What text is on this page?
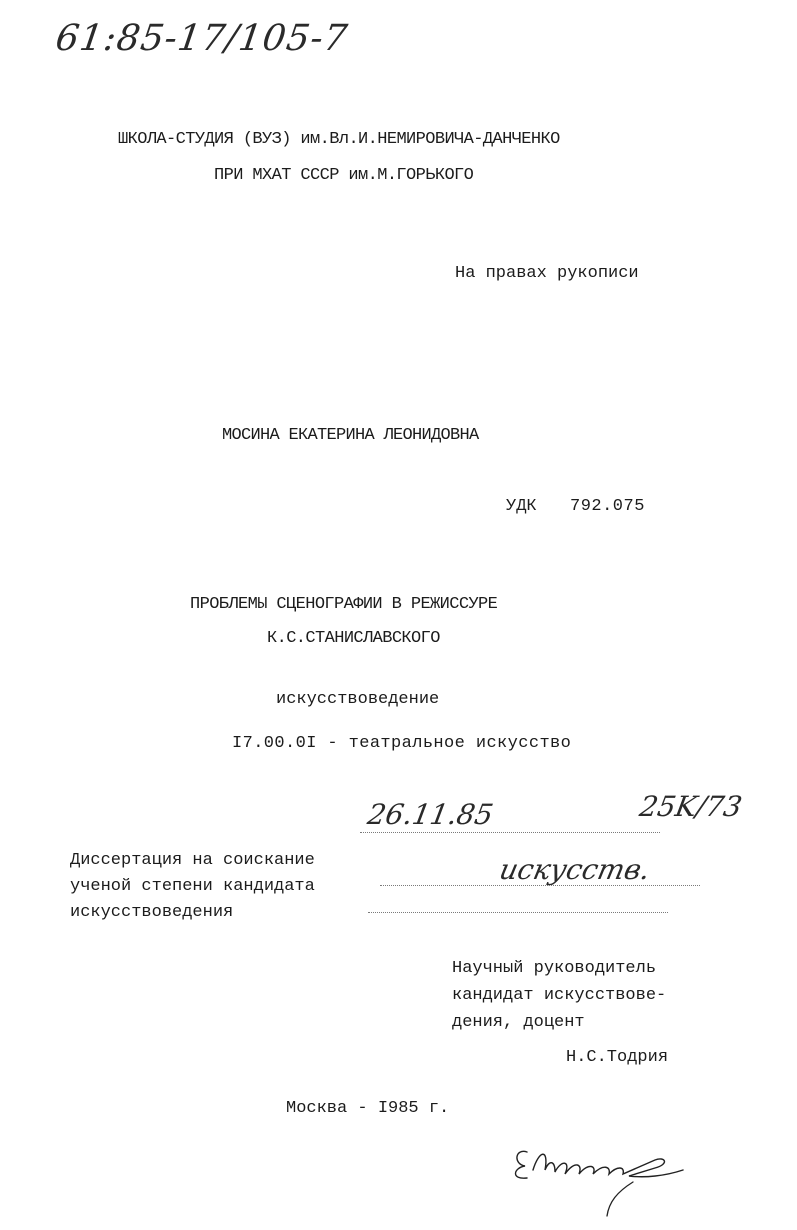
61:85-17/105-7
ШКОЛА-СТУДИЯ (ВУЗ) им.Вл.И.НЕМИРОВИЧА-ДАНЧЕНКО
ПРИ МХАТ СССР им.М.ГОРЬКОГО
На правах рукописи
МОСИНА ЕКАТЕРИНА ЛЕОНИДОВНА
УДК 792.075
ПРОБЛЕМЫ СЦЕНОГРАФИИ В РЕЖИССУРЕ
К.С.СТАНИСЛАВСКОГО
искусствоведение
I7.00.0I - театральное искусство
26.11.85	25K/73
искусств.
Диссертация на соискание
ученой степени кандидата
искусствоведения
Научный руководитель
кандидат искусствове-
дения, доцент
Н.С.Тодрия
Москва - I985 г.
